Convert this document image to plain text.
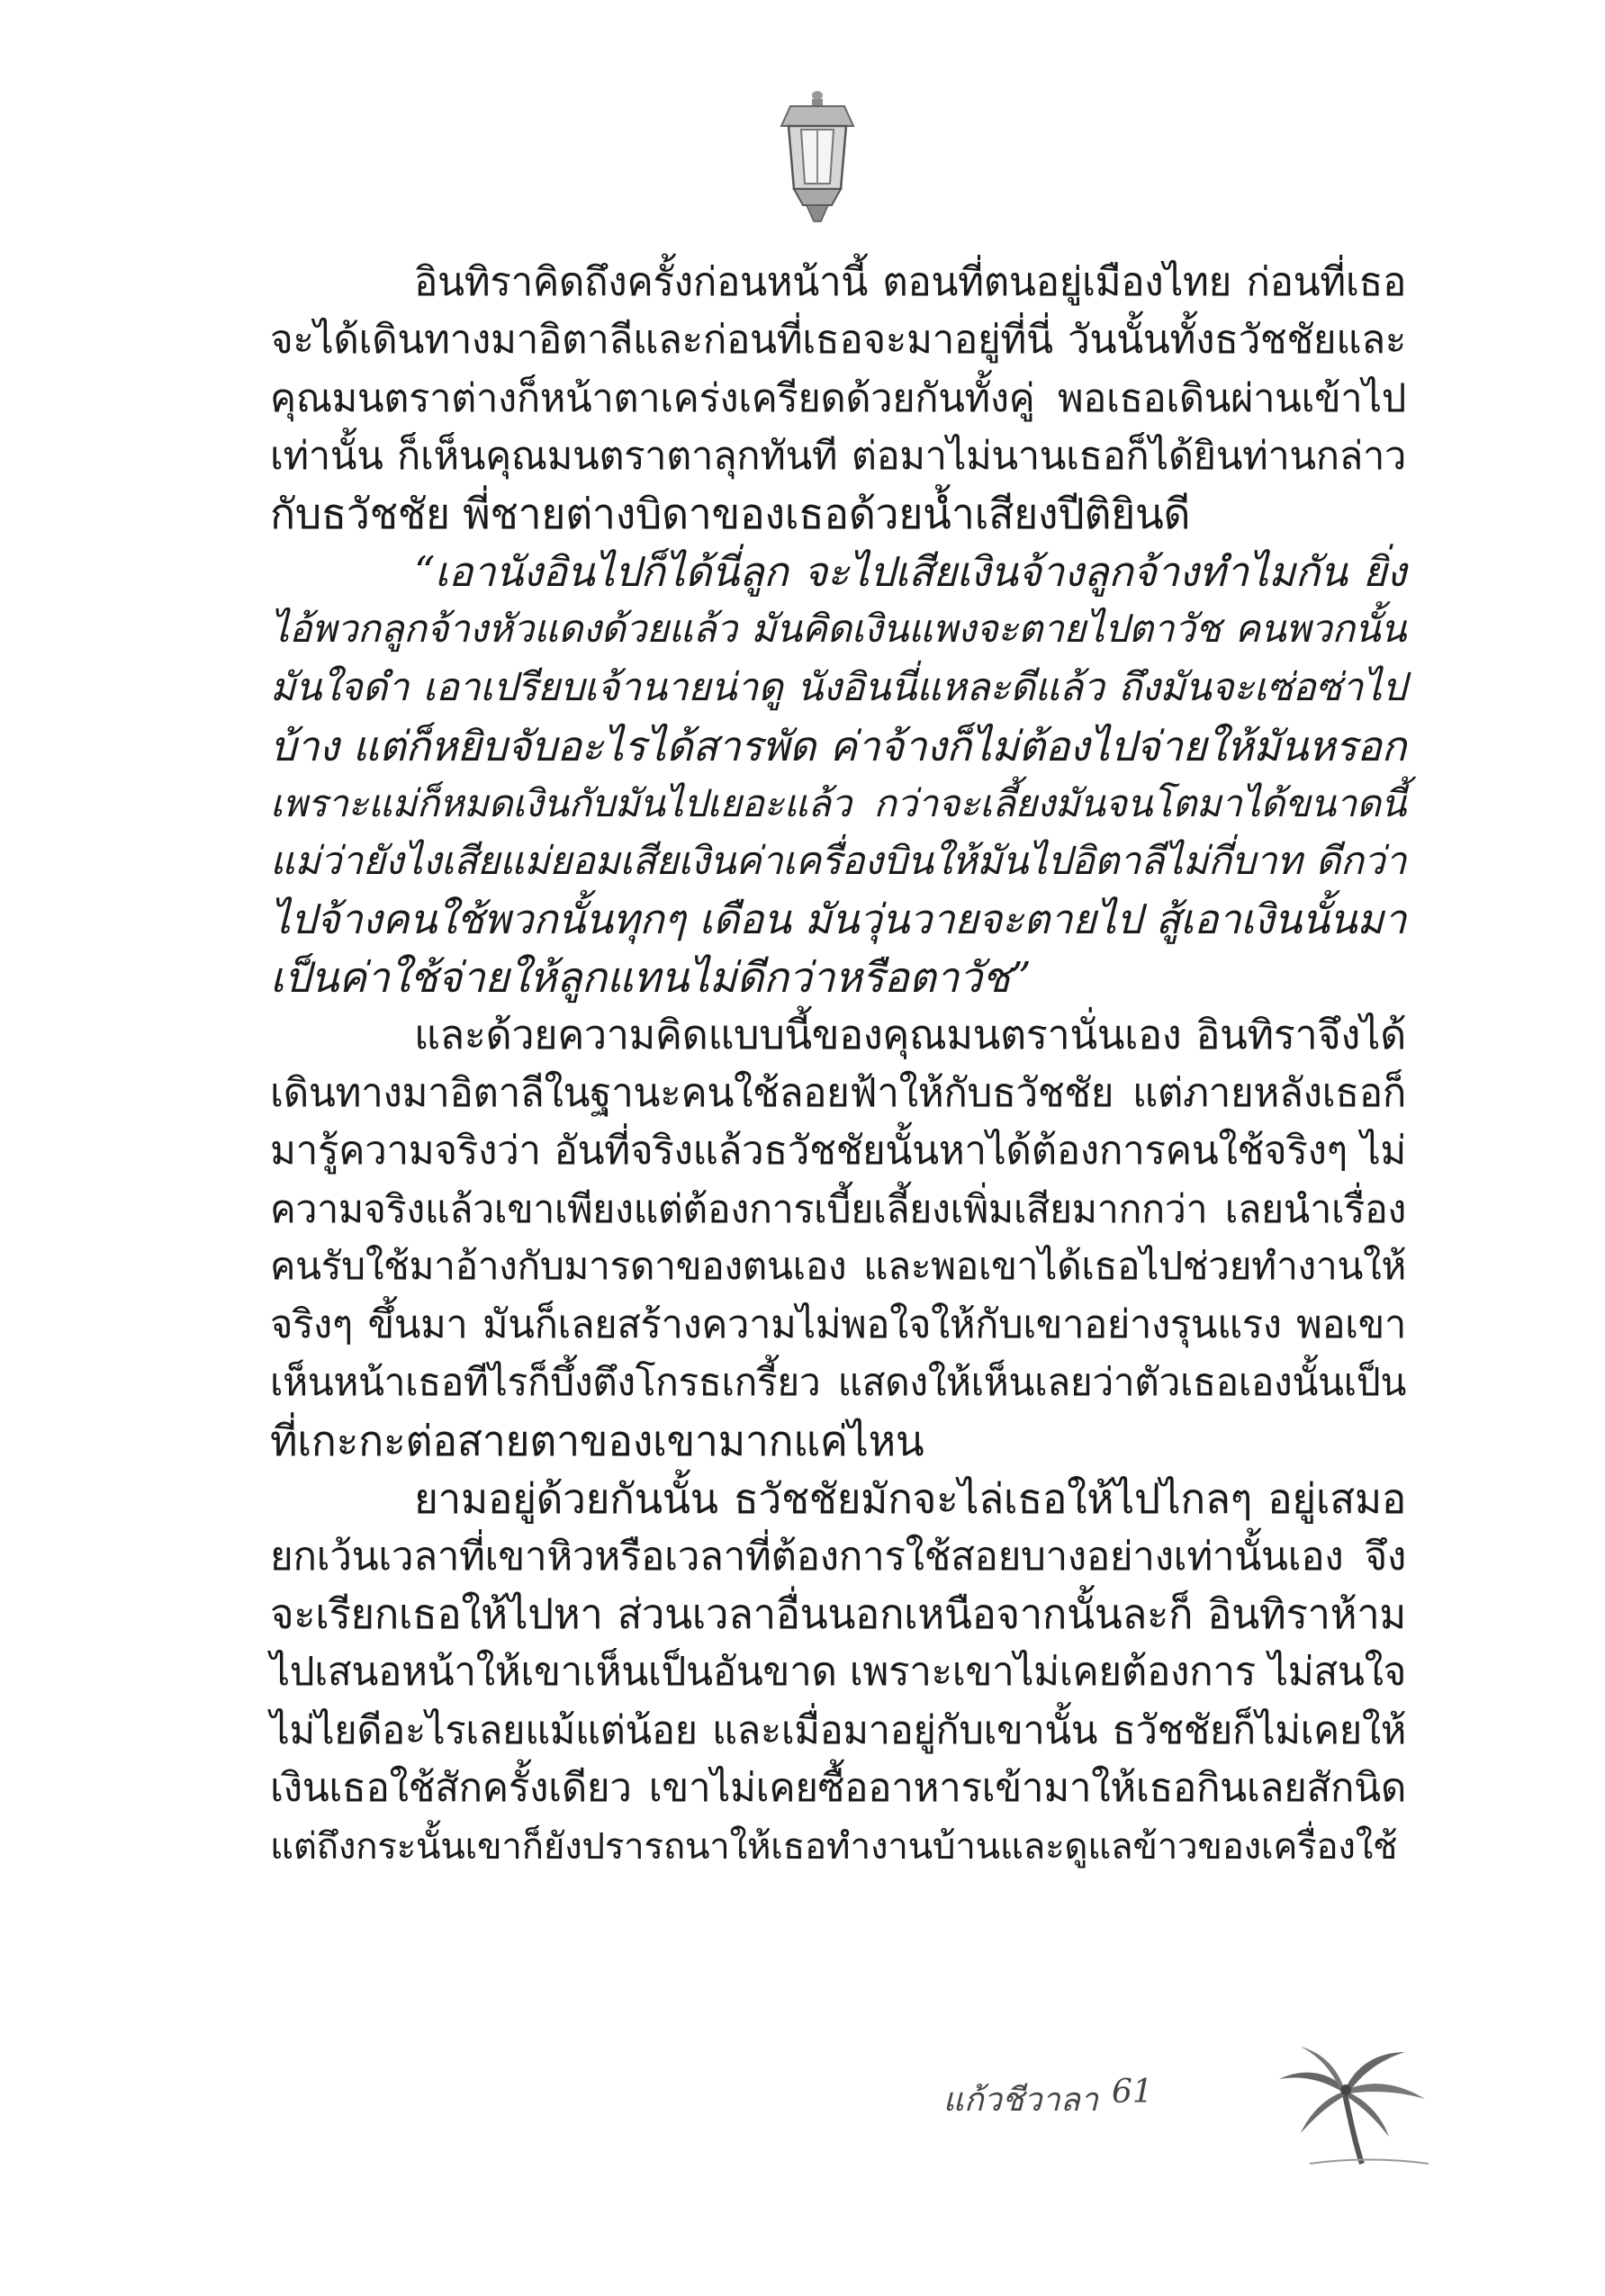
อินทิราคิดถึงครั้งก่อนหน้านี้ ตอนที่ตนอยู่เมืองไทย ก่อนที่เธอ
จะได้เดินทางมาอิตาลีและก่อนที่เธอจะมาอยู่ที่นี่ วันนั้นทั้งธวัชชัยและ
คุณมนตราต่างก็หน้าตาเคร่งเครียดด้วยกันทั้งคู่ พอเธอเดินผ่านเข้าไป
เท่านั้น ก็เห็นคุณมนตราตาลุกทันที ต่อมาไม่นานเธอก็ได้ยินท่านกล่าว
กับธวัชชัย พี่ชายต่างบิดาของเธอด้วยน้ำเสียงปีติยินดี
“เอานังอินไปก็ได้นี่ลูก จะไปเสียเงินจ้างลูกจ้างทำไมกัน ยิ่ง
ไอ้พวกลูกจ้างหัวแดงด้วยแล้ว มันคิดเงินแพงจะตายไปตาวัช คนพวกนั้น
มันใจดำ เอาเปรียบเจ้านายน่าดู นังอินนี่แหละดีแล้ว ถึงมันจะเซ่อซ่าไป
บ้าง แต่ก็หยิบจับอะไรได้สารพัด ค่าจ้างก็ไม่ต้องไปจ่ายให้มันหรอก
เพราะแม่ก็หมดเงินกับมันไปเยอะแล้ว กว่าจะเลี้ยงมันจนโตมาได้ขนาดนี้
แม่ว่ายังไงเสียแม่ยอมเสียเงินค่าเครื่องบินให้มันไปอิตาลีไม่กี่บาท ดีกว่า
ไปจ้างคนใช้พวกนั้นทุกๆ เดือน มันวุ่นวายจะตายไป สู้เอาเงินนั้นมา
เป็นค่าใช้จ่ายให้ลูกแทนไม่ดีกว่าหรือตาวัช”
และด้วยความคิดแบบนี้ของคุณมนตรานั่นเอง อินทิราจึงได้
เดินทางมาอิตาลีในฐานะคนใช้ลอยฟ้าให้กับธวัชชัย แต่ภายหลังเธอก็
มารู้ความจริงว่า อันที่จริงแล้วธวัชชัยนั้นหาได้ต้องการคนใช้จริงๆ ไม่
ความจริงแล้วเขาเพียงแต่ต้องการเบี้ยเลี้ยงเพิ่มเสียมากกว่า เลยนำเรื่อง
คนรับใช้มาอ้างกับมารดาของตนเอง และพอเขาได้เธอไปช่วยทำงานให้
จริงๆ ขึ้นมา มันก็เลยสร้างความไม่พอใจให้กับเขาอย่างรุนแรง พอเขา
เห็นหน้าเธอทีไรก็บึ้งตึงโกรธเกรี้ยว แสดงให้เห็นเลยว่าตัวเธอเองนั้นเป็น
ที่เกะกะต่อสายตาของเขามากแค่ไหน
ยามอยู่ด้วยกันนั้น ธวัชชัยมักจะไล่เธอให้ไปไกลๆ อยู่เสมอ
ยกเว้นเวลาที่เขาหิวหรือเวลาที่ต้องการใช้สอยบางอย่างเท่านั้นเอง จึง
จะเรียกเธอให้ไปหา ส่วนเวลาอื่นนอกเหนือจากนั้นละก็ อินทิราห้าม
ไปเสนอหน้าให้เขาเห็นเป็นอันขาด เพราะเขาไม่เคยต้องการ ไม่สนใจ
ไม่ไยดีอะไรเลยแม้แต่น้อย และเมื่อมาอยู่กับเขานั้น ธวัชชัยก็ไม่เคยให้
เงินเธอใช้สักครั้งเดียว เขาไม่เคยซื้ออาหารเข้ามาให้เธอกินเลยสักนิด
แต่ถึงกระนั้นเขาก็ยังปรารถนาให้เธอทำงานบ้านและดูแลข้าวของเครื่องใช้
แก้วชีวาลา 61
